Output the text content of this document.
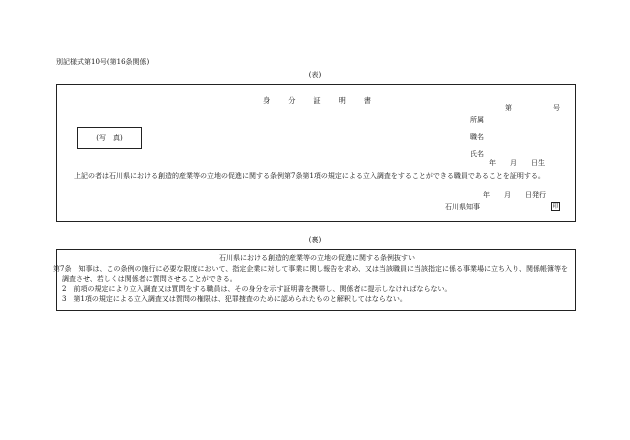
別記様式第10号(第16条関係)
(表)
身分証明書
第	号
(写　真)
所属
職名
氏名
年　　月　　日生
上記の者は石川県における創造的産業等の立地の促進に関する条例第7条第1項の規定による立入調査をすることができる職員であることを証明する。
年　　月　　日発行
石川県知事	印
(裏)
石川県における創造的産業等の立地の促進に関する条例抜すい
第7条　知事は、この条例の施行に必要な限度において、指定企業に対して事業に関し報告を求め、又は当該職員に当該指定に係る事業場に立ち入り、関係帳簿等を調査させ、若しくは関係者に質問させることができる。
2　前項の規定により立入調査又は質問をする職員は、その身分を示す証明書を携帯し、関係者に提示しなければならない。
3　第1項の規定による立入調査又は質問の権限は、犯罪捜査のために認められたものと解釈してはならない。
